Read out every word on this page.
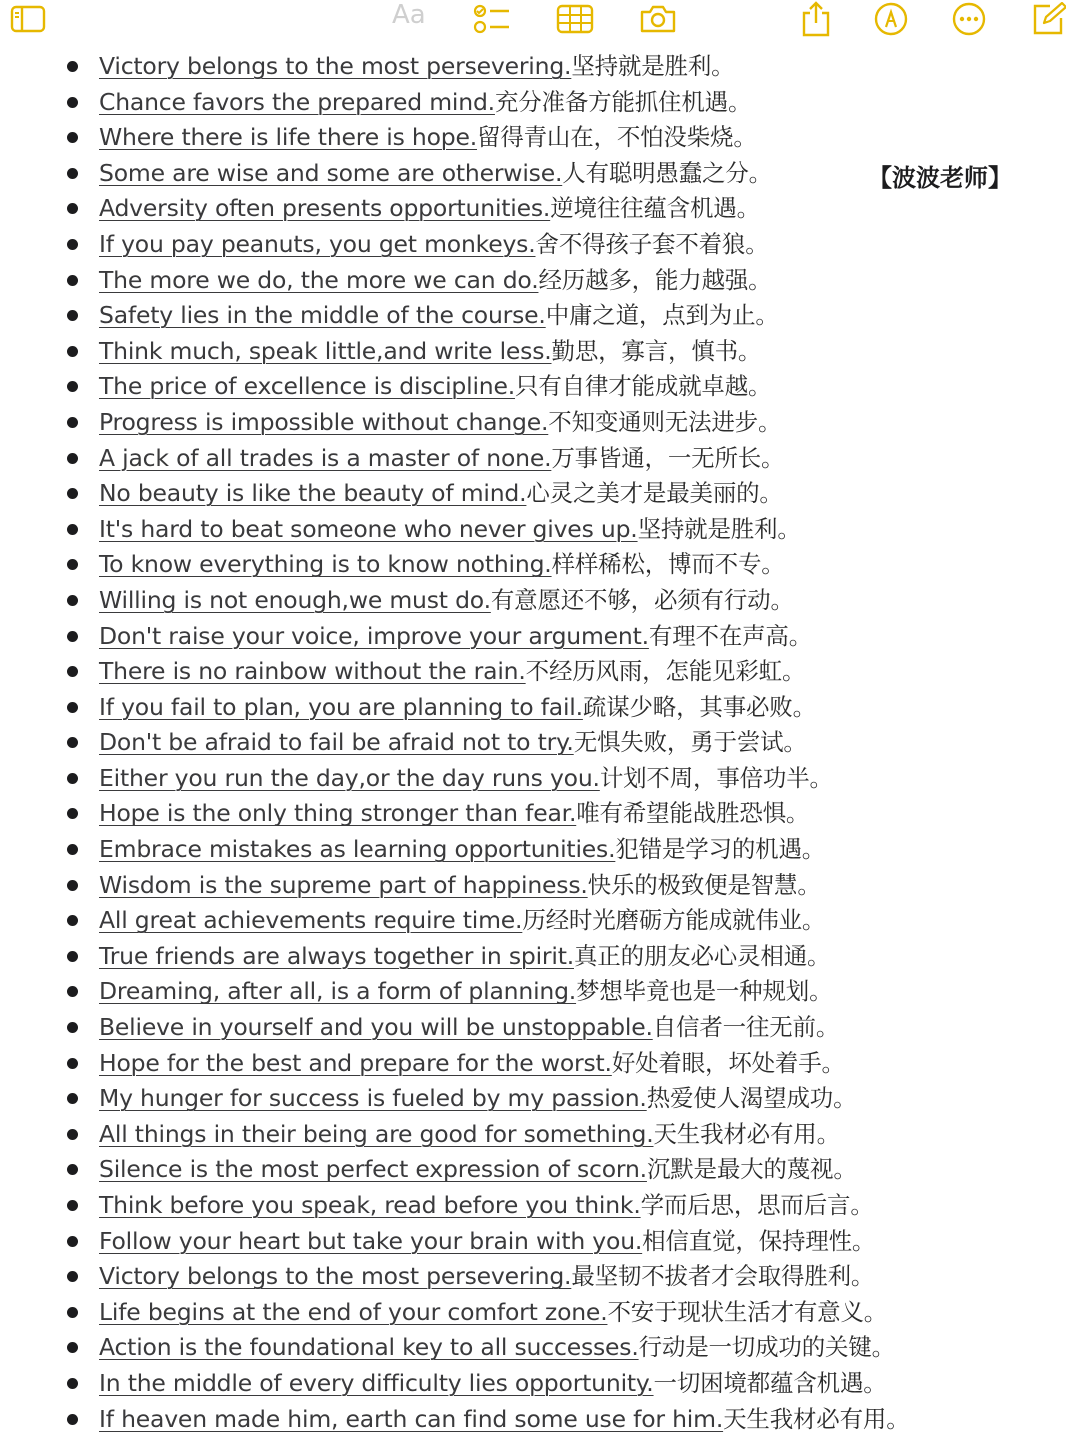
Aa
Victory belongs to the most persevering.坚持就是胜利。
Chance favors the prepared mind.充分准备方能抓住机遇。
Where there is life there is hope.留得青山在，不怕没柴烧。
Some are wise and some are otherwise.人有聪明愚蠢之分。
Adversity often presents opportunities.逆境往往蕴含机遇。
If you pay peanuts, you get monkeys.舍不得孩子套不着狼。
The more we do, the more we can do.经历越多，能力越强。
Safety lies in the middle of the course.中庸之道，点到为止。
Think much, speak little,and write less.勤思，寡言，慎书。
The price of excellence is discipline.只有自律才能成就卓越。
Progress is impossible without change.不知变通则无法进步。
A jack of all trades is a master of none.万事皆通，一无所长。
No beauty is like the beauty of mind.心灵之美才是最美丽的。
It's hard to beat someone who never gives up.坚持就是胜利。
To know everything is to know nothing.样样稀松，博而不专。
Willing is not enough,we must do.有意愿还不够，必须有行动。
Don't raise your voice, improve your argument.有理不在声高。
There is no rainbow without the rain.不经历风雨，怎能见彩虹。
If you fail to plan, you are planning to fail.疏谋少略，其事必败。
Don't be afraid to fail be afraid not to try.无惧失败，勇于尝试。
Either you run the day,or the day runs you.计划不周，事倍功半。
Hope is the only thing stronger than fear.唯有希望能战胜恐惧。
Embrace mistakes as learning opportunities.犯错是学习的机遇。
Wisdom is the supreme part of happiness.快乐的极致便是智慧。
All great achievements require time.历经时光磨砺方能成就伟业。
True friends are always together in spirit.真正的朋友必心灵相通。
Dreaming, after all, is a form of planning.梦想毕竟也是一种规划。
Believe in yourself and you will be unstoppable.自信者一往无前。
Hope for the best and prepare for the worst.好处着眼，坏处着手。
My hunger for success is fueled by my passion.热爱使人渴望成功。
All things in their being are good for something.天生我材必有用。
Silence is the most perfect expression of scorn.沉默是最大的蔑视。
Think before you speak, read before you think.学而后思，思而后言。
Follow your heart but take your brain with you.相信直觉，保持理性。
Victory belongs to the most persevering.最坚韧不拔者才会取得胜利。
Life begins at the end of your comfort zone.不安于现状生活才有意义。
Action is the foundational key to all successes.行动是一切成功的关键。
In the middle of every difficulty lies opportunity.一切困境都蕴含机遇。
If heaven made him, earth can find some use for him.天生我材必有用。
【波波老师】
